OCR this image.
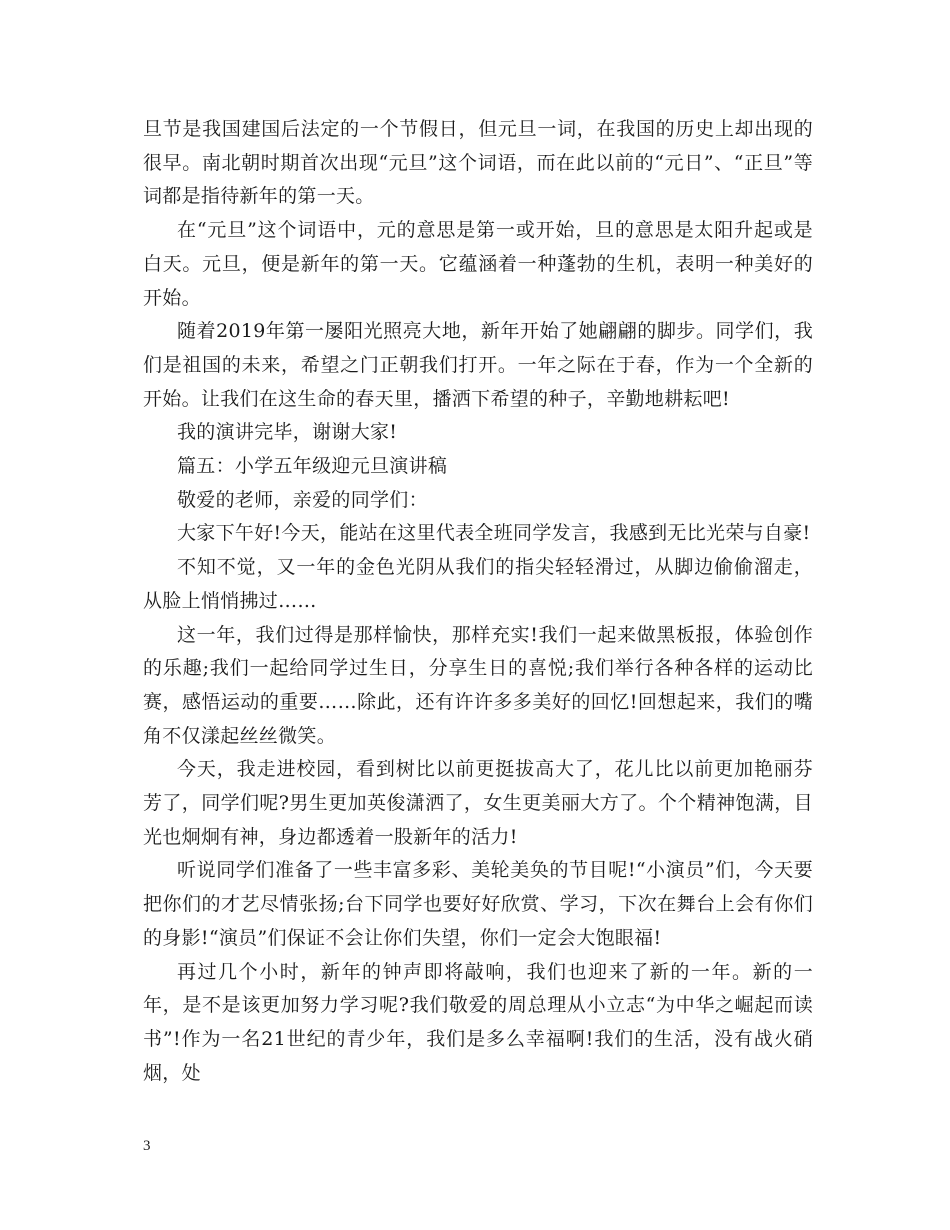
旦节是我国建国后法定的一个节假日，但元旦一词，在我国的历史上却出现的很早。南北朝时期首次出现“元旦”这个词语，而在此以前的“元日”、“正旦”等词都是指待新年的第一天。

在“元旦”这个词语中，元的意思是第一或开始，旦的意思是太阳升起或是白天。元旦，便是新年的第一天。它蕴涵着一种蓬勃的生机，表明一种美好的开始。

随着2019年第一屡阳光照亮大地，新年开始了她翩翩的脚步。同学们，我们是祖国的未来，希望之门正朝我们打开。一年之际在于春，作为一个全新的开始。让我们在这生命的春天里，播洒下希望的种子，辛勤地耕耘吧!

我的演讲完毕，谢谢大家!

篇五：小学五年级迎元旦演讲稿

敬爱的老师，亲爱的同学们：

大家下午好!今天，能站在这里代表全班同学发言，我感到无比光荣与自豪!

不知不觉，又一年的金色光阴从我们的指尖轻轻滑过，从脚边偷偷溜走，从脸上悄悄拂过……

这一年，我们过得是那样愉快，那样充实!我们一起来做黑板报，体验创作的乐趣;我们一起给同学过生日，分享生日的喜悦;我们举行各种各样的运动比赛，感悟运动的重要……除此，还有许许多多美好的回忆!回想起来，我们的嘴角不仅漾起丝丝微笑。

今天，我走进校园，看到树比以前更挺拔高大了，花儿比以前更加艳丽芬芳了，同学们呢?男生更加英俊潇洒了，女生更美丽大方了。个个精神饱满，目光也炯炯有神，身边都透着一股新年的活力!

听说同学们准备了一些丰富多彩、美轮美奂的节目呢!“小演员”们，今天要把你们的才艺尽情张扬;台下同学也要好好欣赏、学习，下次在舞台上会有你们的身影!“演员”们保证不会让你们失望，你们一定会大饱眼福!

再过几个小时，新年的钟声即将敲响，我们也迎来了新的一年。新的一年，是不是该更加努力学习呢?我们敬爱的周总理从小立志“为中华之崛起而读书”!作为一名21世纪的青少年，我们是多么幸福啊!我们的生活，没有战火硝烟，处

3
